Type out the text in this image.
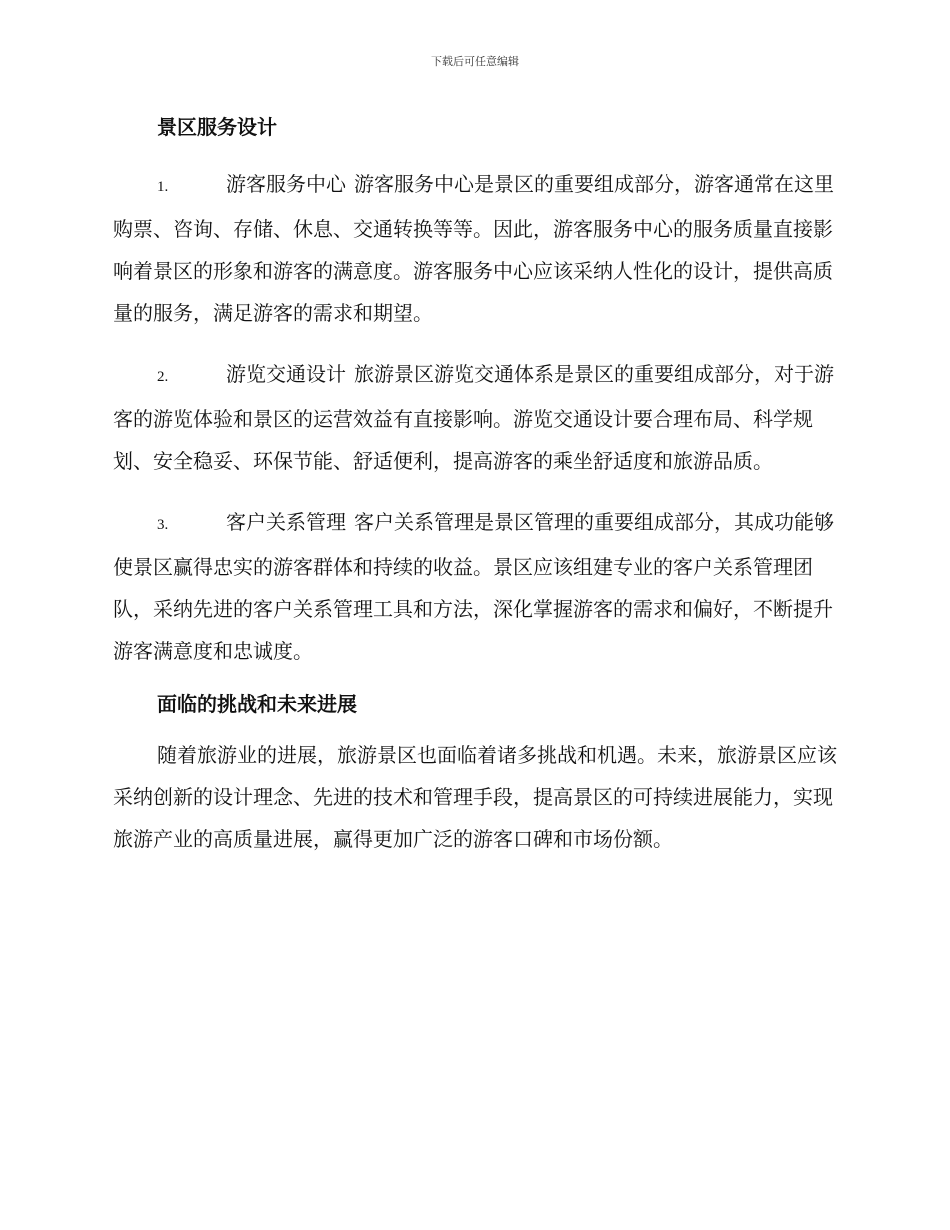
下载后可任意编辑
景区服务设计

1.	游客服务中心 游客服务中心是景区的重要组成部分，游客通常在这里购票、咨询、存储、休息、交通转换等等。因此，游客服务中心的服务质量直接影响着景区的形象和游客的满意度。游客服务中心应该采纳人性化的设计，提供高质量的服务，满足游客的需求和期望。

2.	游览交通设计 旅游景区游览交通体系是景区的重要组成部分，对于游客的游览体验和景区的运营效益有直接影响。游览交通设计要合理布局、科学规划、安全稳妥、环保节能、舒适便利，提高游客的乘坐舒适度和旅游品质。

3.	客户关系管理 客户关系管理是景区管理的重要组成部分，其成功能够使景区赢得忠实的游客群体和持续的收益。景区应该组建专业的客户关系管理团队，采纳先进的客户关系管理工具和方法，深化掌握游客的需求和偏好，不断提升游客满意度和忠诚度。

面临的挑战和未来进展

随着旅游业的进展，旅游景区也面临着诸多挑战和机遇。未来，旅游景区应该采纳创新的设计理念、先进的技术和管理手段，提高景区的可持续进展能力，实现旅游产业的高质量进展，赢得更加广泛的游客口碑和市场份额。
